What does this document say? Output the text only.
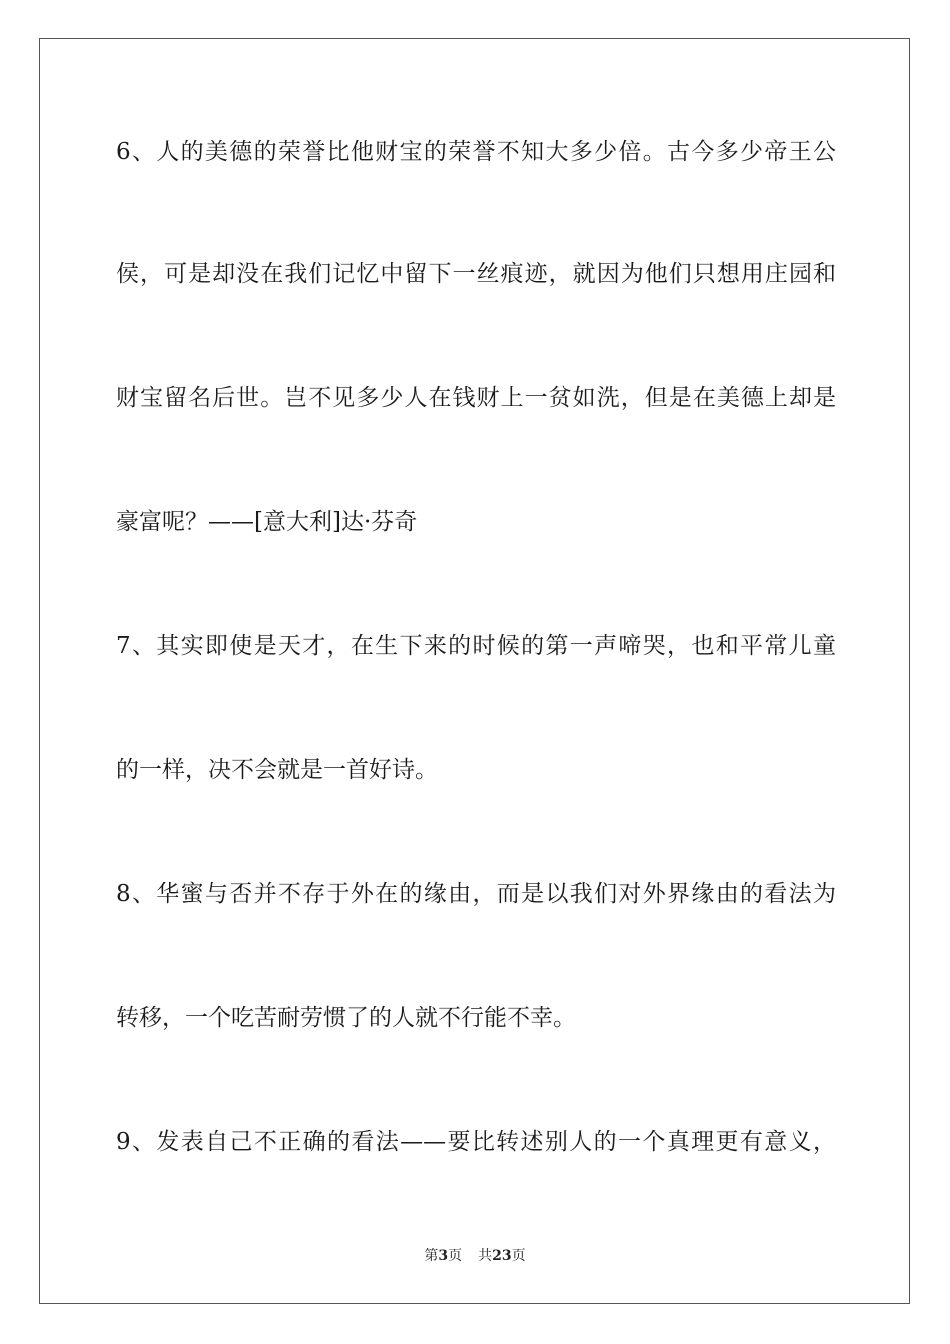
6、人的美德的荣誉比他财宝的荣誉不知大多少倍。古今多少帝王公
侯，可是却没在我们记忆中留下一丝痕迹，就因为他们只想用庄园和
财宝留名后世。岂不见多少人在钱财上一贫如洗，但是在美德上却是
豪富呢？——[意大利]达·芬奇
7、其实即使是天才，在生下来的时候的第一声啼哭，也和平常儿童
的一样，决不会就是一首好诗。
8、华蜜与否并不存于外在的缘由，而是以我们对外界缘由的看法为
转移，一个吃苦耐劳惯了的人就不行能不幸。
9、发表自己不正确的看法——要比转述别人的一个真理更有意义，
第3页 共23页
